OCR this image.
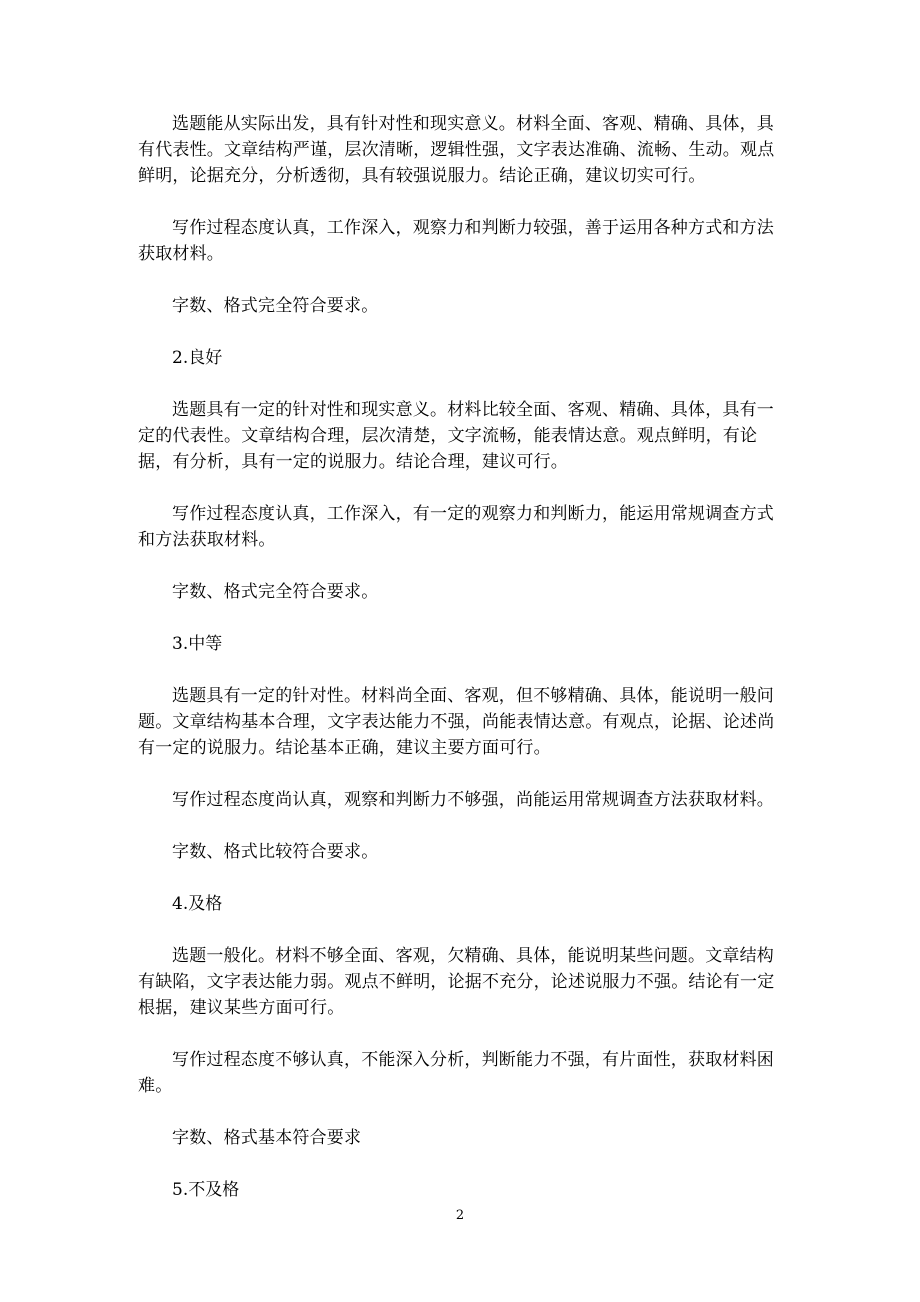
选题能从实际出发，具有针对性和现实意义。材料全面、客观、精确、具体，具有代表性。文章结构严谨，层次清晰，逻辑性强，文字表达准确、流畅、生动。观点鲜明，论据充分，分析透彻，具有较强说服力。结论正确，建议切实可行。

写作过程态度认真，工作深入，观察力和判断力较强，善于运用各种方式和方法获取材料。

字数、格式完全符合要求。

2.良好

选题具有一定的针对性和现实意义。材料比较全面、客观、精确、具体，具有一定的代表性。文章结构合理，层次清楚，文字流畅，能表情达意。观点鲜明，有论据，有分析，具有一定的说服力。结论合理，建议可行。

写作过程态度认真，工作深入，有一定的观察力和判断力，能运用常规调查方式和方法获取材料。

字数、格式完全符合要求。

3.中等

选题具有一定的针对性。材料尚全面、客观，但不够精确、具体，能说明一般问题。文章结构基本合理，文字表达能力不强，尚能表情达意。有观点，论据、论述尚有一定的说服力。结论基本正确，建议主要方面可行。

写作过程态度尚认真，观察和判断力不够强，尚能运用常规调查方法获取材料。

字数、格式比较符合要求。

4.及格

选题一般化。材料不够全面、客观，欠精确、具体，能说明某些问题。文章结构有缺陷，文字表达能力弱。观点不鲜明，论据不充分，论述说服力不强。结论有一定根据，建议某些方面可行。

写作过程态度不够认真，不能深入分析，判断能力不强，有片面性，获取材料困难。

字数、格式基本符合要求

5.不及格

2
